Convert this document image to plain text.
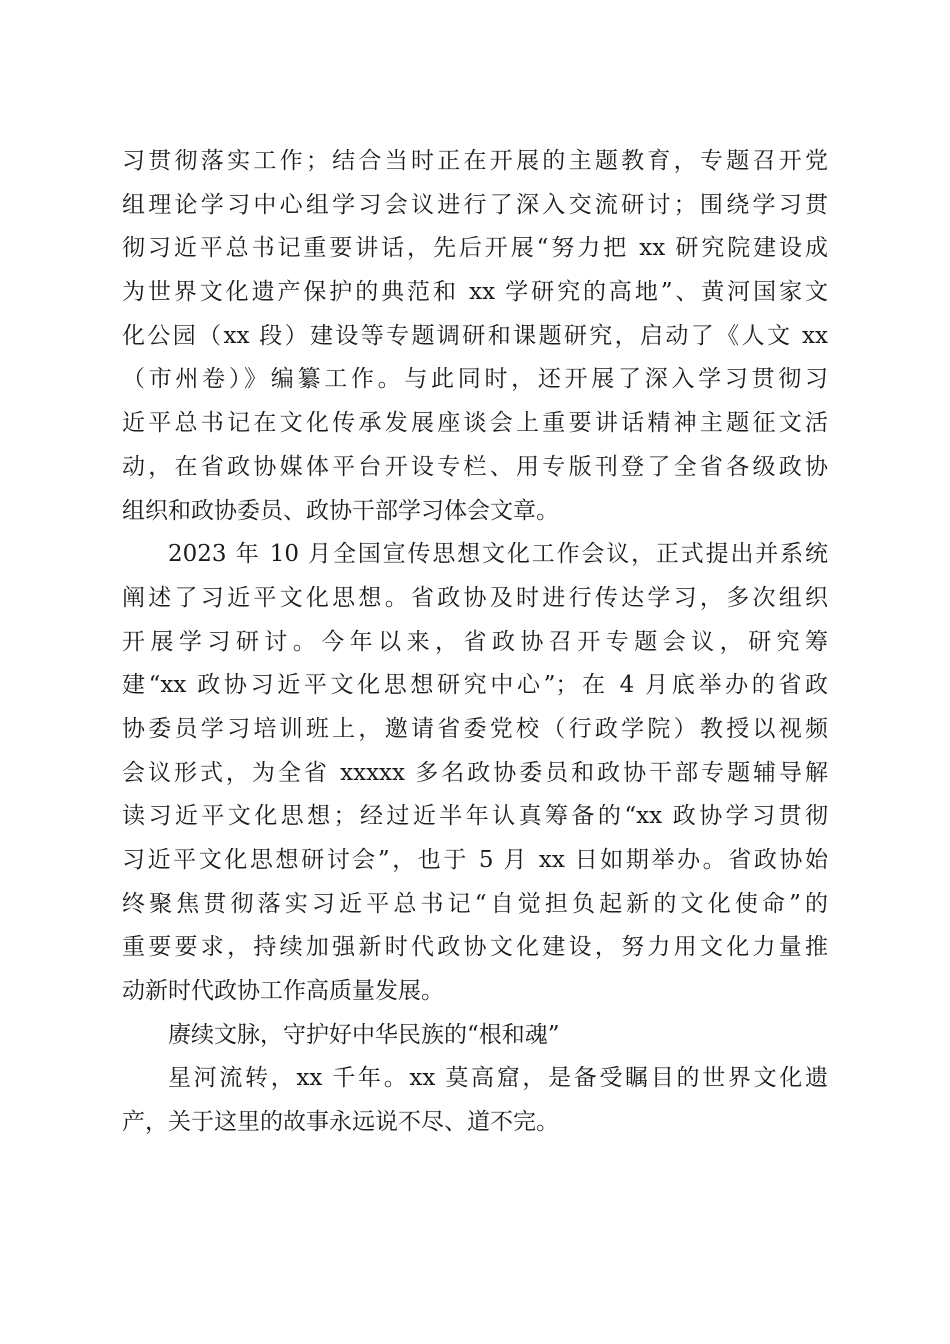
习贯彻落实工作；结合当时正在开展的主题教育，专题召开党
组理论学习中心组学习会议进行了深入交流研讨；围绕学习贯
彻习近平总书记重要讲话，先后开展“努力把 xx 研究院建设成
为世界文化遗产保护的典范和 xx 学研究的高地”、黄河国家文
化公园（xx 段）建设等专题调研和课题研究，启动了《人文 xx
（市州卷）》编纂工作。与此同时，还开展了深入学习贯彻习
近平总书记在文化传承发展座谈会上重要讲话精神主题征文活
动，在省政协媒体平台开设专栏、用专版刊登了全省各级政协
组织和政协委员、政协干部学习体会文章。
2023 年 10 月全国宣传思想文化工作会议，正式提出并系统
阐述了习近平文化思想。省政协及时进行传达学习，多次组织
开展学习研讨。今年以来，省政协召开专题会议，研究筹
建“xx 政协习近平文化思想研究中心”；在 4 月底举办的省政
协委员学习培训班上，邀请省委党校（行政学院）教授以视频
会议形式，为全省 xxxxx 多名政协委员和政协干部专题辅导解
读习近平文化思想；经过近半年认真筹备的“xx 政协学习贯彻
习近平文化思想研讨会”，也于 5 月 xx 日如期举办。省政协始
终聚焦贯彻落实习近平总书记“自觉担负起新的文化使命”的
重要要求，持续加强新时代政协文化建设，努力用文化力量推
动新时代政协工作高质量发展。
赓续文脉，守护好中华民族的“根和魂”
星河流转，xx 千年。xx 莫高窟，是备受瞩目的世界文化遗
产，关于这里的故事永远说不尽、道不完。
